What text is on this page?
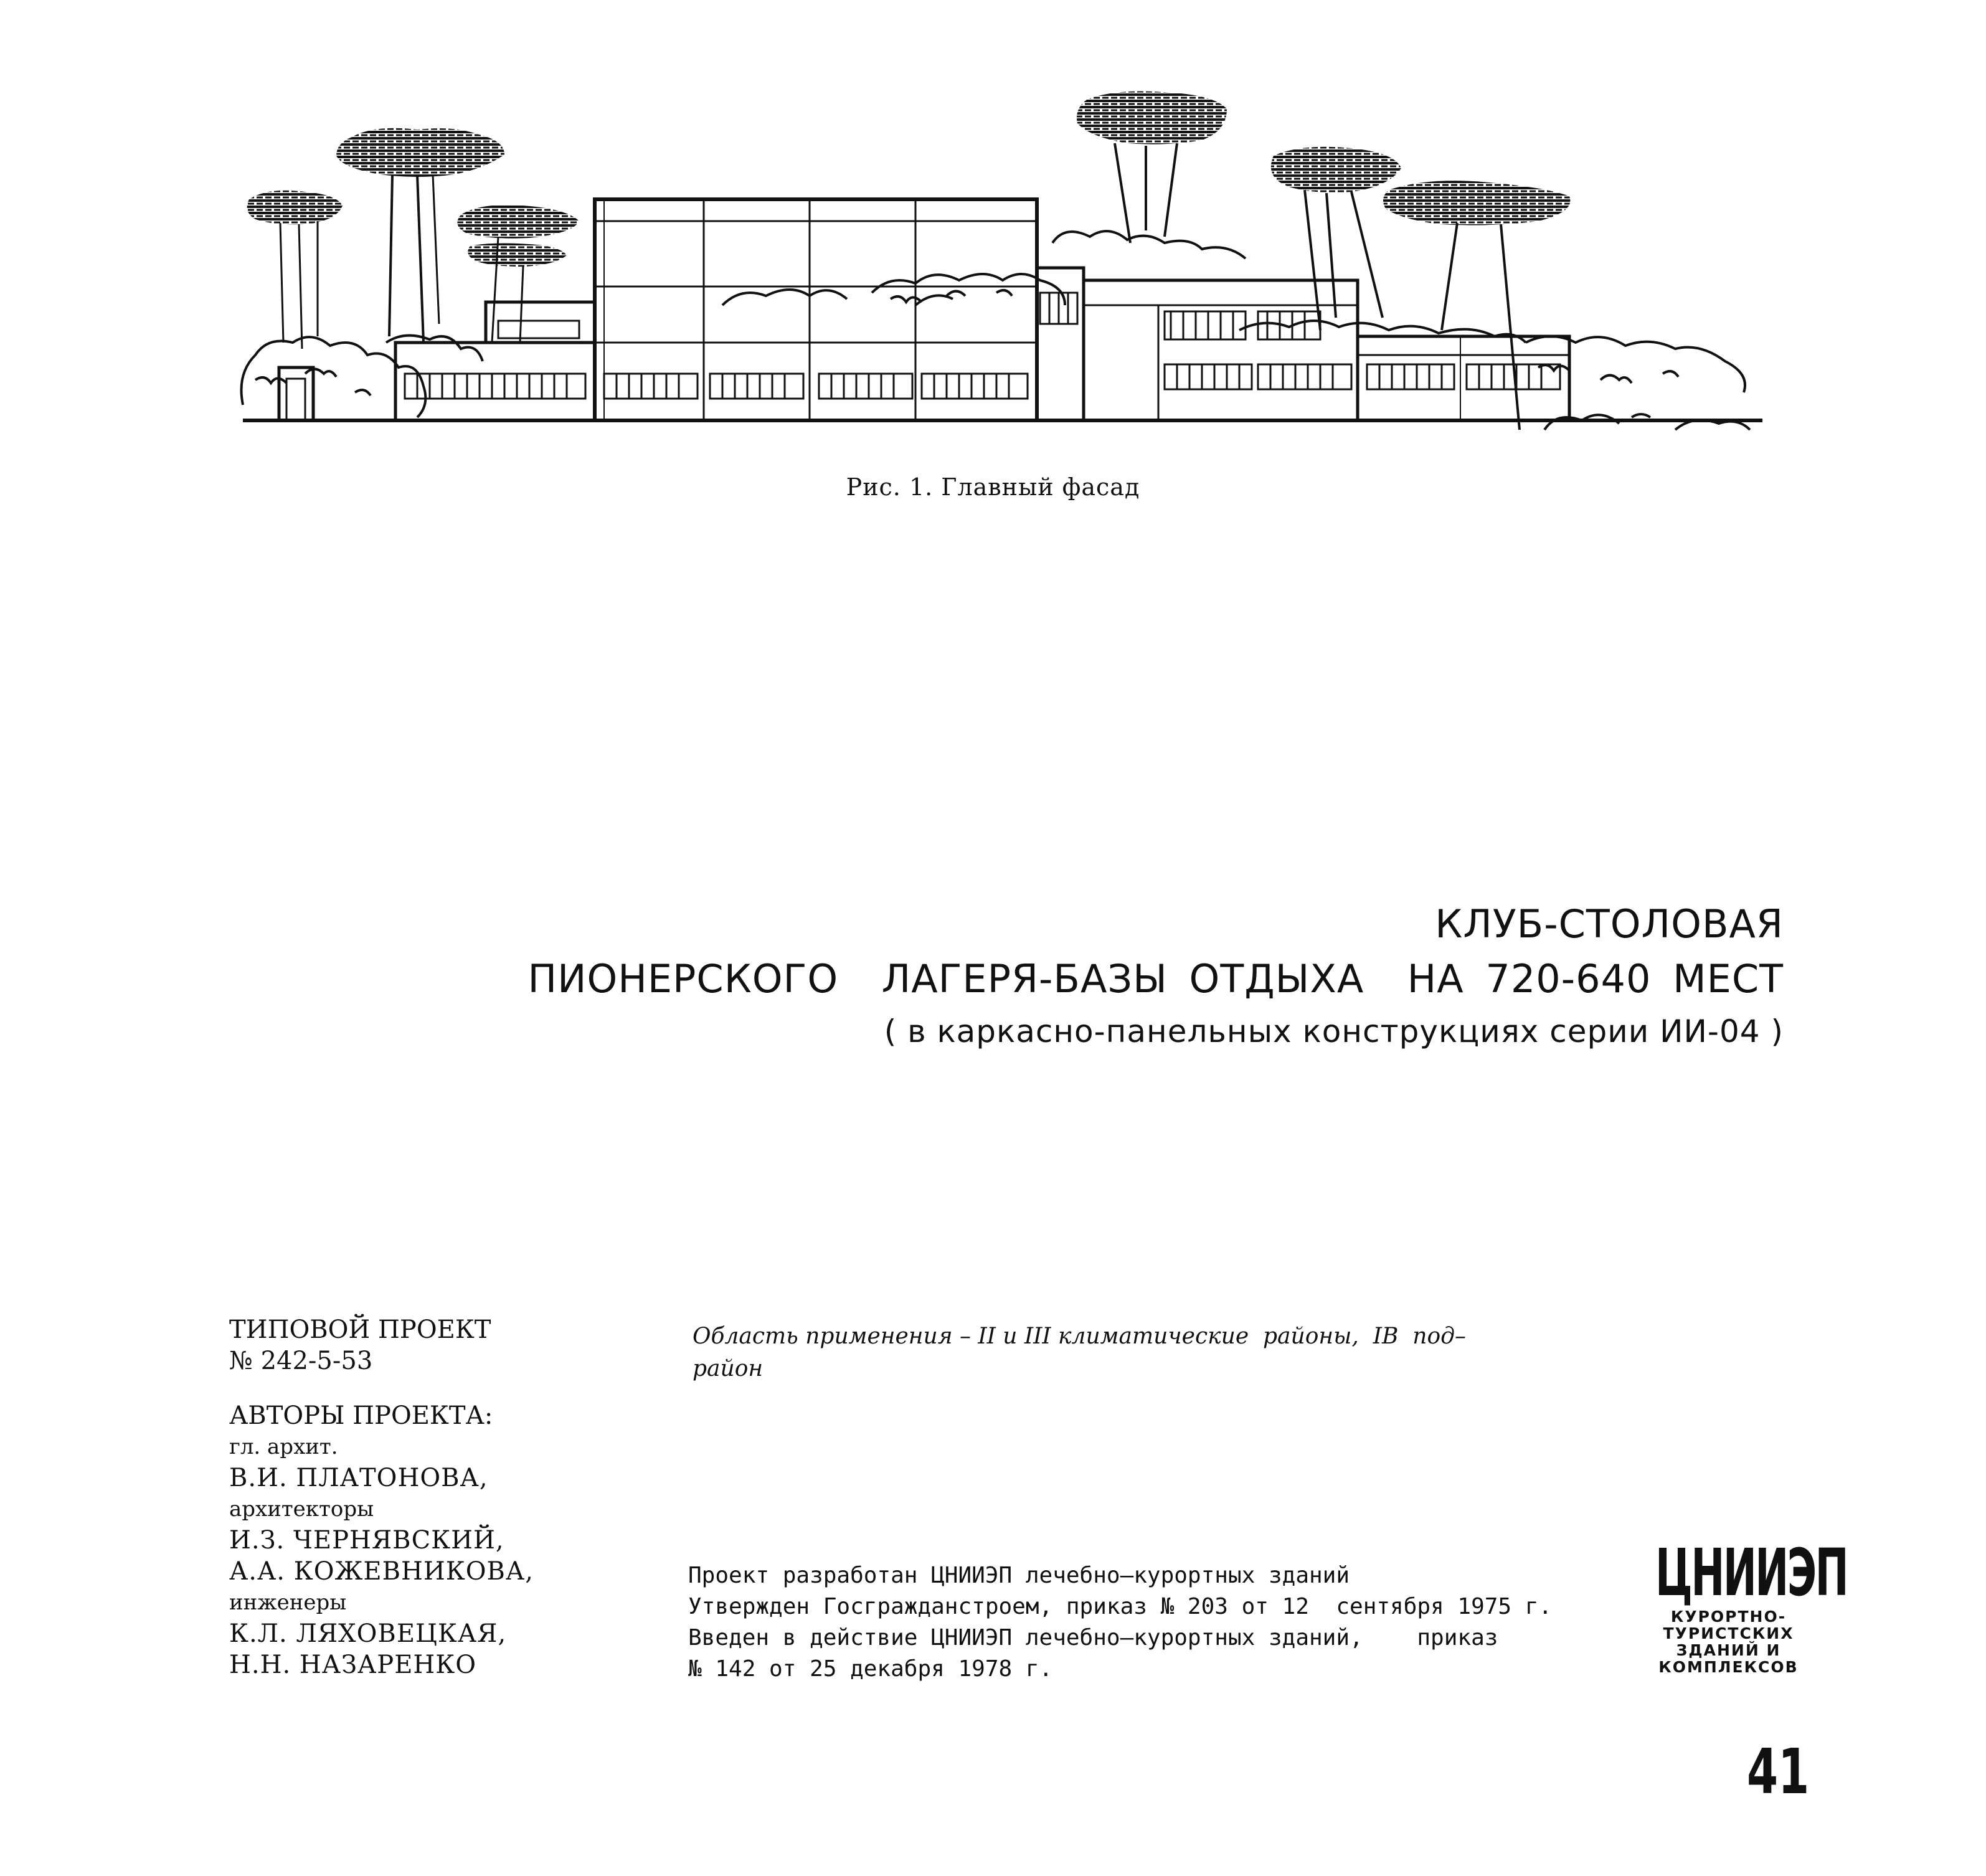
Рис. 1. Главный фасад
КЛУБ-СТОЛОВАЯ
ПИОНЕРСКОГО  ЛАГЕРЯ-БАЗЫ ОТДЫХА  НА 720-640 МЕСТ
( в каркасно-панельных конструкциях серии ИИ-04 )
ТИПОВОЙ ПРОЕКТ
№ 242-5-53
АВТОРЫ ПРОЕКТА:
гл. архит.
В.И. ПЛАТОНОВА,
архитекторы
И.З. ЧЕРНЯВСКИЙ,
А.А. КОЖЕВНИКОВА,
инженеры
К.Л. ЛЯХОВЕЦКАЯ,
Н.Н. НАЗАРЕНКО
Область применения – II и III климатические  районы,  IВ  под–
район
Проект разработан ЦНИИЭП лечебно–курортных зданий
Утвержден Госгражданстроем, приказ № 203 от 12  сентября 1975 г.
Введен в действие ЦНИИЭП лечебно–курортных зданий,    приказ
№ 142 от 25 декабря 1978 г.
ЦНИИЭП
КУРОРТНО-
ТУРИСТСКИХ
ЗДАНИЙ И
КОМПЛЕКСОВ
41
